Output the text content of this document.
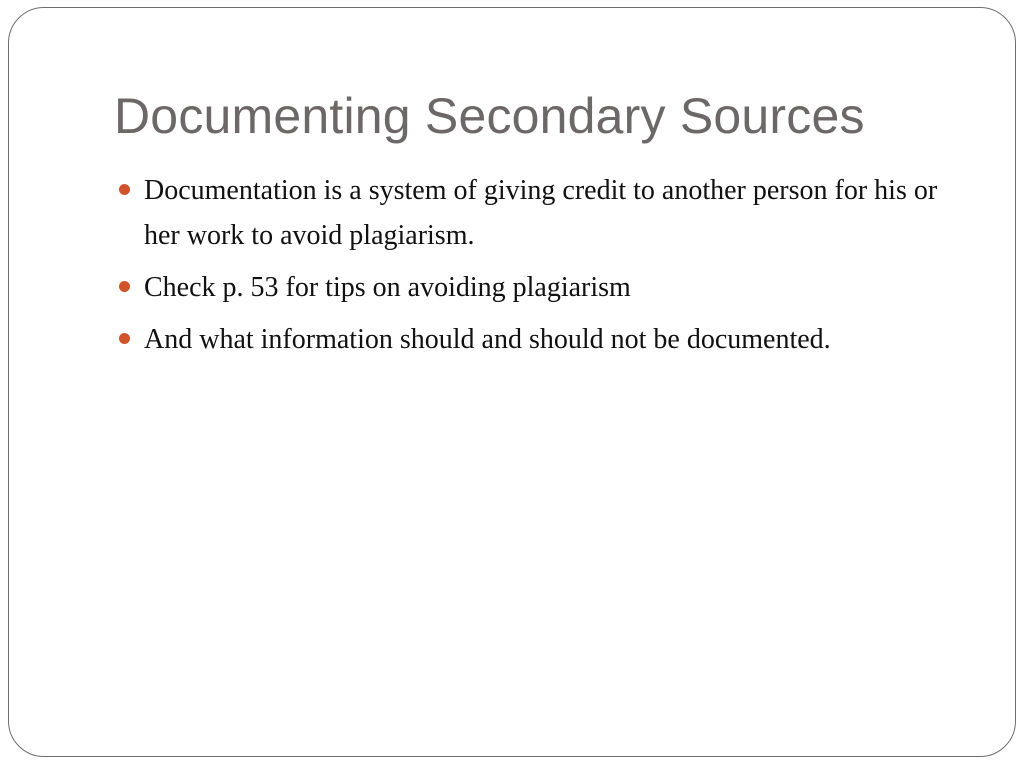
Documenting Secondary Sources
Documentation is a system of giving credit to another person for his or her work to avoid plagiarism.
Check p. 53 for tips on avoiding plagiarism
And what information should and should not be documented.
